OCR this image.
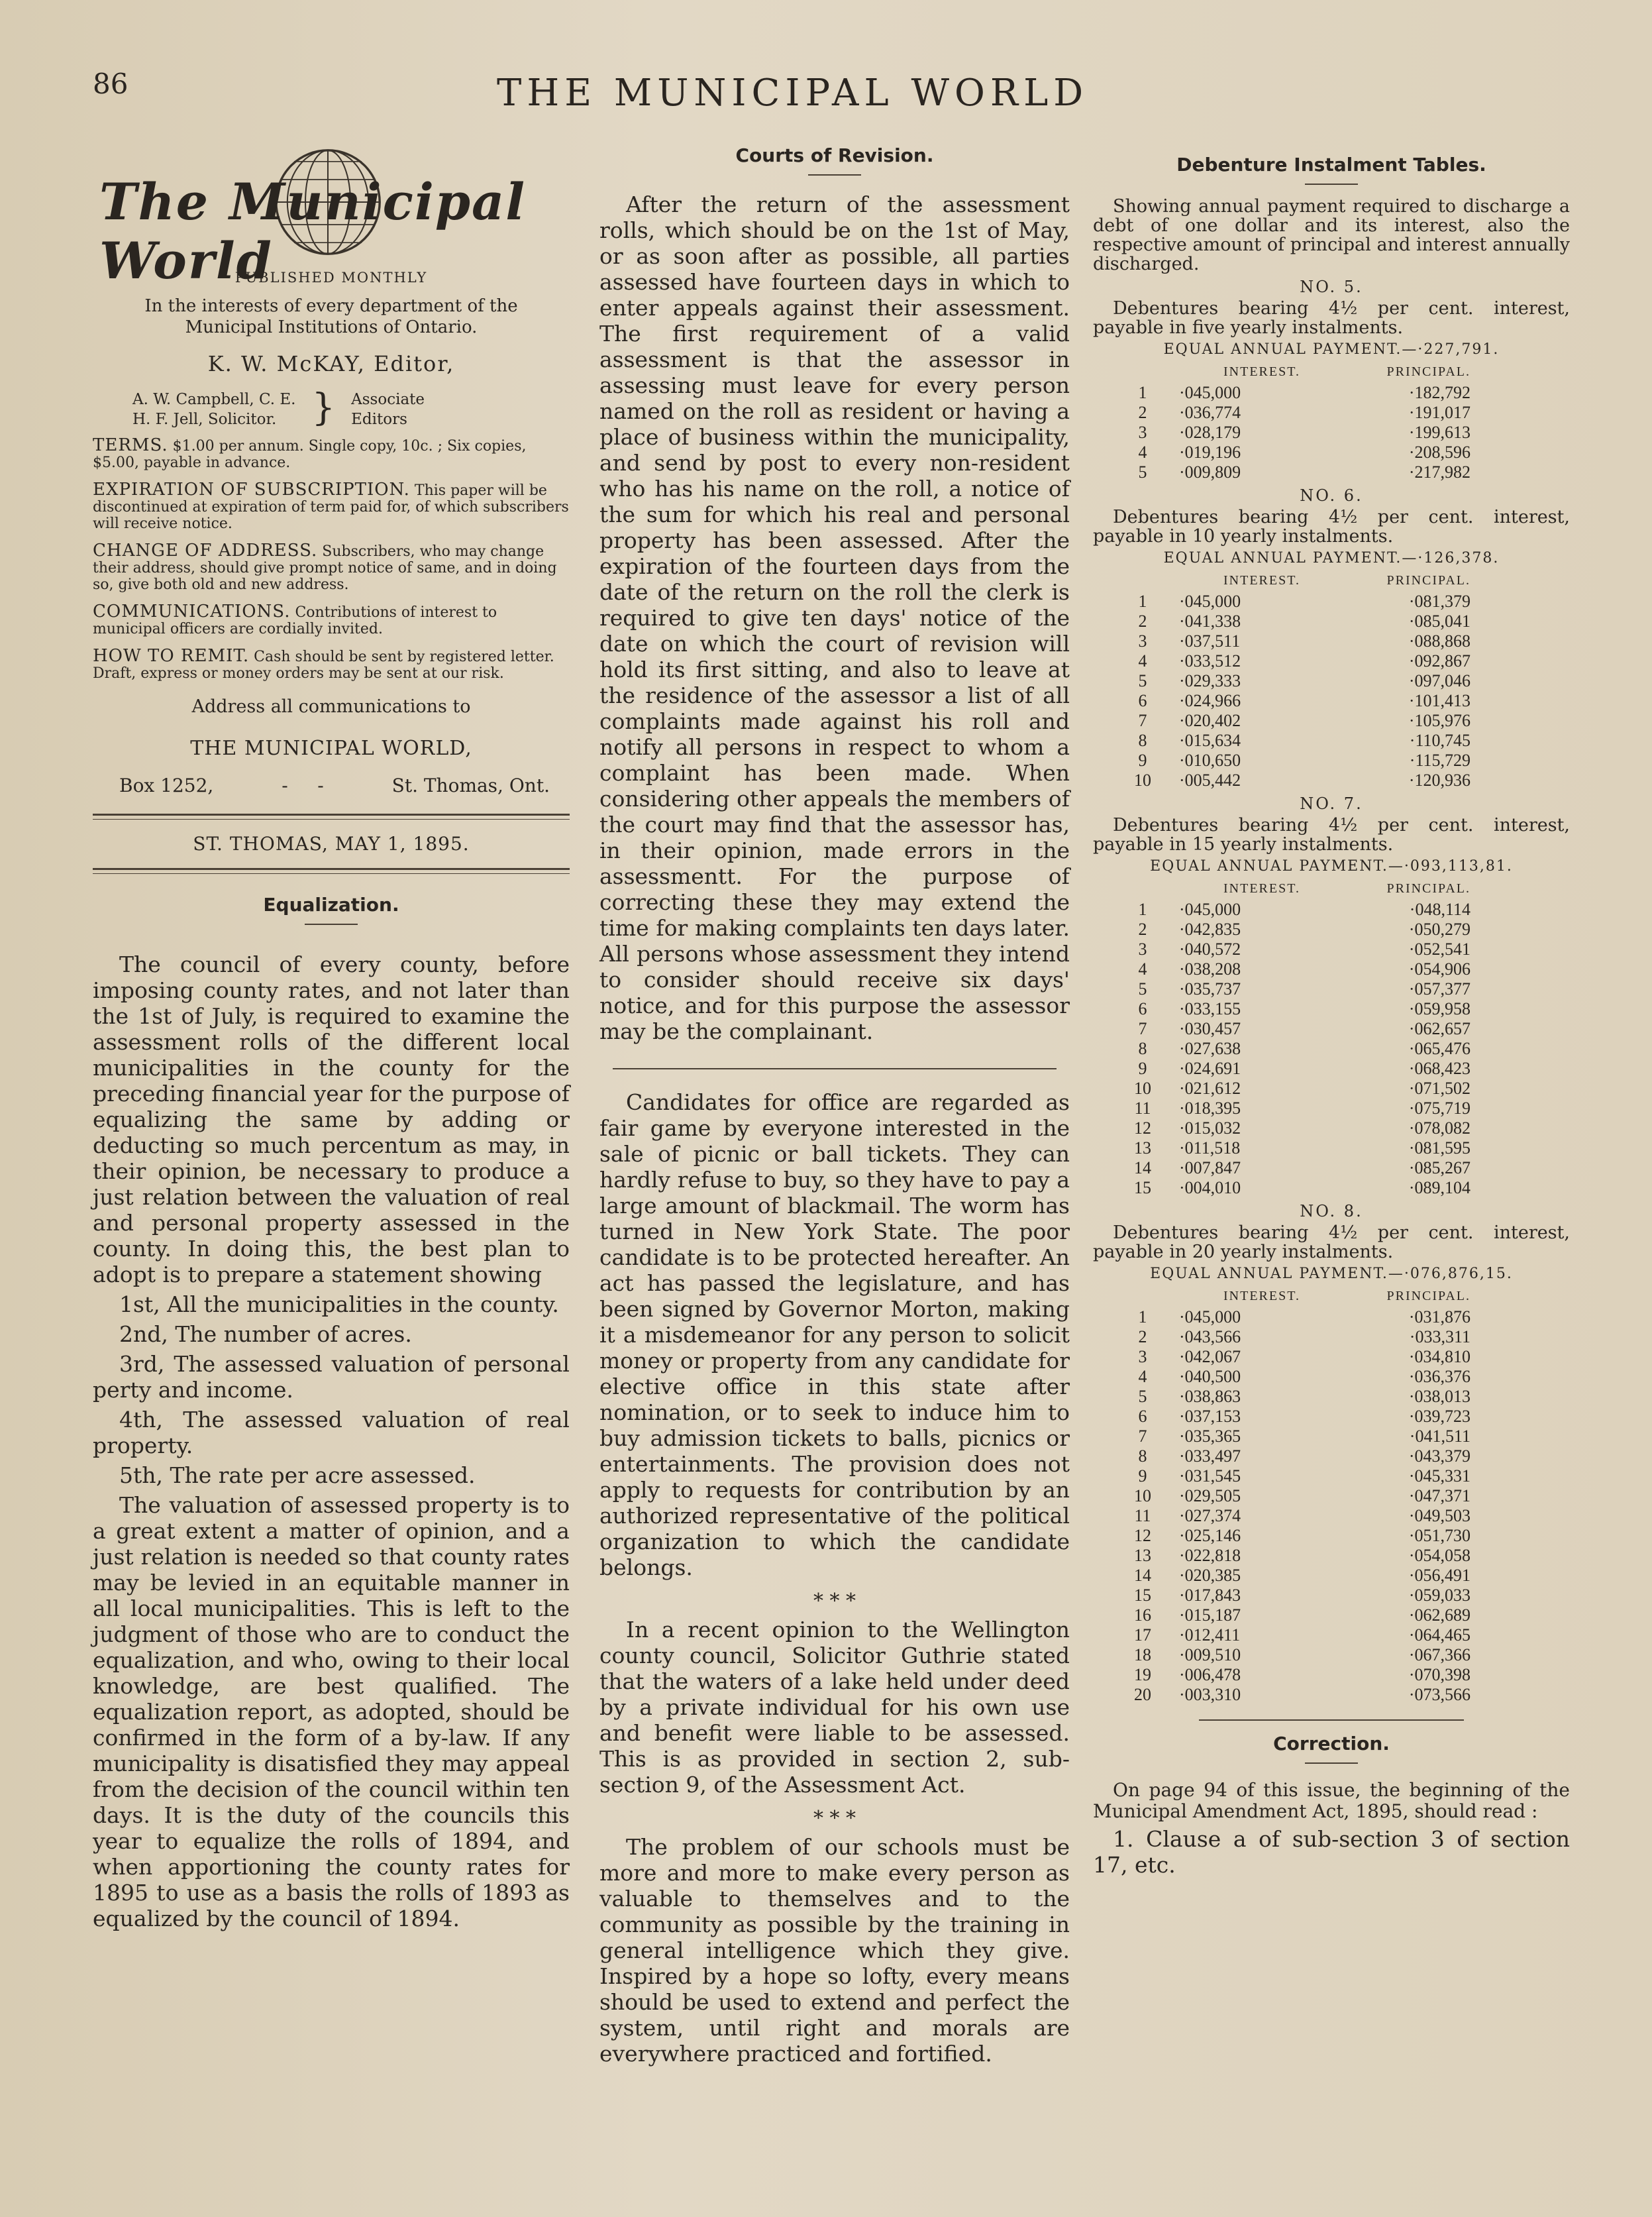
86	THE MUNICIPAL WORLD
The MunicipalWorld
PUBLISHED MONTHLY
In the interests of every department of the Municipal Institutions of Ontario.
K. W. McKAY, Editor,
A. W. Campbell, C. E.
H. F. Jell, Solicitor. } Associate
Editors
TERMS. $1.00 per annum. Single copy, 10c. ; Six copies, $5.00, payable in advance.
EXPIRATION OF SUBSCRIPTION. This paper will be discontinued at expiration of term paid for, of which subscribers will receive notice.
CHANGE OF ADDRESS. Subscribers, who may change their address, should give prompt notice of same, and in doing so, give both old and new address.
COMMUNICATIONS. Contributions of interest to municipal officers are cordially invited.
HOW TO REMIT. Cash should be sent by registered letter. Draft, express or money orders may be sent at our risk.
Address all communications to
THE MUNICIPAL WORLD,
Box 1252,	-     -	St. Thomas, Ont.
ST. THOMAS, MAY 1, 1895.
Equalization.

The council of every county, before imposing county rates, and not later than the 1st of July, is required to examine the assessment rolls of the different local municipalities in the county for the preceding financial year for the purpose of equalizing the same by adding or deducting so much percentum as may, in their opinion, be necessary to produce a just relation between the valuation of real and personal property assessed in the county. In doing this, the best plan to adopt is to prepare a statement showing

1st, All the municipalities in the county.

2nd, The number of acres.

3rd, The assessed valuation of personal perty and income.

4th, The assessed valuation of real property.

5th, The rate per acre assessed.

The valuation of assessed property is to a great extent a matter of opinion, and a just relation is needed so that county rates may be levied in an equitable manner in all local municipalities. This is left to the judgment of those who are to conduct the equalization, and who, owing to their local knowledge, are best qualified. The equalization report, as adopted, should be confirmed in the form of a by-law. If any municipality is disatisfied they may appeal from the decision of the council within ten days. It is the duty of the councils this year to equalize the rolls of 1894, and when apportioning the county rates for 1895 to use as a basis the rolls of 1893 as equalized by the council of 1894.

Courts of Revision.

After the return of the assessment rolls, which should be on the 1st of May, or as soon after as possible, all parties assessed have fourteen days in which to enter appeals against their assessment. The first requirement of a valid assessment is that the assessor in assessing must leave for every person named on the roll as resident or having a place of business within the municipality, and send by post to every non-resident who has his name on the roll, a notice of the sum for which his real and personal property has been assessed. After the expiration of the fourteen days from the date of the return on the roll the clerk is required to give ten days' notice of the date on which the court of revision will hold its first sitting, and also to leave at the residence of the assessor a list of all complaints made against his roll and notify all persons in respect to whom a complaint has been made. When considering other appeals the members of the court may find that the assessor has, in their opinion, made errors in the assessmentt. For the purpose of correcting these they may extend the time for making complaints ten days later. All persons whose assessment they intend to consider should receive six days' notice, and for this purpose the assessor may be the complainant.

Candidates for office are regarded as fair game by everyone interested in the sale of picnic or ball tickets. They can hardly refuse to buy, so they have to pay a large amount of blackmail. The worm has turned in New York State. The poor candidate is to be protected hereafter. An act has passed the legislature, and has been signed by Governor Morton, making it a misdemeanor for any person to solicit money or property from any candidate for elective office in this state after nomination, or to seek to induce him to buy admission tickets to balls, picnics or entertainments. The provision does not apply to requests for contribution by an authorized representative of the political organization to which the candidate belongs.

* * *

In a recent opinion to the Wellington county council, Solicitor Guthrie stated that the waters of a lake held under deed by a private individual for his own use and benefit were liable to be assessed. This is as provided in section 2, sub-section 9, of the Assessment Act.

* * *

The problem of our schools must be more and more to make every person as valuable to themselves and to the community as possible by the training in general intelligence which they give. Inspired by a hope so lofty, every means should be used to extend and perfect the system, until right and morals are everywhere practiced and fortified.

Debenture Instalment Tables.
Showing annual payment required to discharge a debt of one dollar and its interest, also the respective amount of principal and interest annually discharged.
NO. 5.
Debentures bearing 4½ per cent. interest, payable in five yearly instalments.
EQUAL ANNUAL PAYMENT.—·227,791.
	INTEREST.	PRINCIPAL.
1	·045,000	·182,792
2	·036,774	·191,017
3	·028,179	·199,613
4	·019,196	·208,596
5	·009,809	·217,982
NO. 6.
Debentures bearing 4½ per cent. interest, payable in 10 yearly instalments.
EQUAL ANNUAL PAYMENT.—·126,378.
	INTEREST.	PRINCIPAL.
1	·045,000	·081,379
2	·041,338	·085,041
3	·037,511	·088,868
4	·033,512	·092,867
5	·029,333	·097,046
6	·024,966	·101,413
7	·020,402	·105,976
8	·015,634	·110,745
9	·010,650	·115,729
10	·005,442	·120,936
NO. 7.
Debentures bearing 4½ per cent. interest, payable in 15 yearly instalments.
EQUAL ANNUAL PAYMENT.—·093,113,81.
	INTEREST.	PRINCIPAL.
1	·045,000	·048,114
2	·042,835	·050,279
3	·040,572	·052,541
4	·038,208	·054,906
5	·035,737	·057,377
6	·033,155	·059,958
7	·030,457	·062,657
8	·027,638	·065,476
9	·024,691	·068,423
10	·021,612	·071,502
11	·018,395	·075,719
12	·015,032	·078,082
13	·011,518	·081,595
14	·007,847	·085,267
15	·004,010	·089,104
NO. 8.
Debentures bearing 4½ per cent. interest, payable in 20 yearly instalments.
EQUAL ANNUAL PAYMENT.—·076,876,15.
	INTEREST.	PRINCIPAL.
1	·045,000	·031,876
2	·043,566	·033,311
3	·042,067	·034,810
4	·040,500	·036,376
5	·038,863	·038,013
6	·037,153	·039,723
7	·035,365	·041,511
8	·033,497	·043,379
9	·031,545	·045,331
10	·029,505	·047,371
11	·027,374	·049,503
12	·025,146	·051,730
13	·022,818	·054,058
14	·020,385	·056,491
15	·017,843	·059,033
16	·015,187	·062,689
17	·012,411	·064,465
18	·009,510	·067,366
19	·006,478	·070,398
20	·003,310	·073,566
Correction.
On page 94 of this issue, the beginning of the Municipal Amendment Act, 1895, should read :
1. Clause a of sub-section 3 of section 17, etc.
